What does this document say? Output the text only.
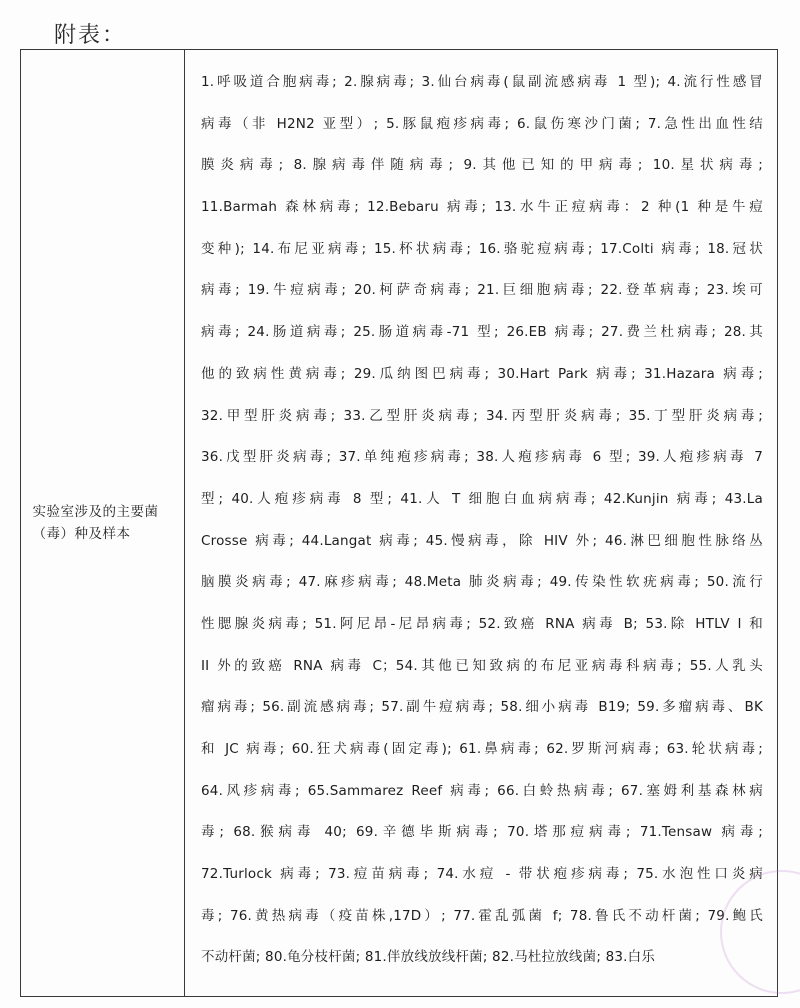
附表：
实验室涉及的主要菌（毒）种及样本
1.呼吸道合胞病毒; 2.腺病毒; 3.仙台病毒(鼠副流感病毒 1 型); 4.流行性感冒
病毒（非 H2N2 亚型）; 5.豚鼠疱疹病毒; 6.鼠伤寒沙门菌; 7.急性出血性结
膜炎病毒; 8.腺病毒伴随病毒; 9.其他已知的甲病毒; 10.星状病毒;
11.Barmah 森林病毒; 12.Bebaru 病毒; 13.水牛正痘病毒：2 种(1 种是牛痘
变种); 14.布尼亚病毒; 15.杯状病毒; 16.骆驼痘病毒; 17.Colti 病毒; 18.冠状
病毒; 19.牛痘病毒; 20.柯萨奇病毒; 21.巨细胞病毒; 22.登革病毒; 23.埃可
病毒; 24.肠道病毒; 25.肠道病毒-71 型; 26.EB 病毒; 27.费兰杜病毒; 28.其
他的致病性黄病毒; 29.瓜纳图巴病毒; 30.Hart Park 病毒; 31.Hazara 病毒;
32.甲型肝炎病毒; 33.乙型肝炎病毒; 34.丙型肝炎病毒; 35.丁型肝炎病毒;
36.戊型肝炎病毒; 37.单纯疱疹病毒; 38.人疱疹病毒 6 型; 39.人疱疹病毒 7
型; 40.人疱疹病毒 8 型; 41.人 T 细胞白血病病毒; 42.Kunjin 病毒; 43.La
Crosse 病毒; 44.Langat 病毒; 45.慢病毒，除 HIV 外; 46.淋巴细胞性脉络丛
脑膜炎病毒; 47.麻疹病毒; 48.Meta 肺炎病毒; 49.传染性软疣病毒; 50.流行
性腮腺炎病毒; 51.阿尼昂-尼昂病毒; 52.致癌 RNA 病毒 B; 53.除 HTLV I 和
II 外的致癌 RNA 病毒 C；54.其他已知致病的布尼亚病毒科病毒; 55.人乳头
瘤病毒; 56.副流感病毒; 57.副牛痘病毒; 58.细小病毒 B19; 59.多瘤病毒、BK
和 JC 病毒; 60.狂犬病毒(固定毒); 61.鼻病毒; 62.罗斯河病毒; 63.轮状病毒;
64.风疹病毒; 65.Sammarez Reef 病毒; 66.白蛉热病毒; 67.塞姆利基森林病
毒; 68.猴病毒 40; 69.辛德毕斯病毒; 70.塔那痘病毒; 71.Tensaw 病毒;
72.Turlock 病毒; 73.痘苗病毒; 74.水痘 - 带状疱疹病毒; 75.水泡性口炎病
毒; 76.黄热病毒（疫苗株,17D）; 77.霍乱弧菌 f; 78.鲁氏不动杆菌; 79.鲍氏
不动杆菌; 80.龟分枝杆菌; 81.伴放线放线杆菌; 82.马杜拉放线菌; 83.白乐
